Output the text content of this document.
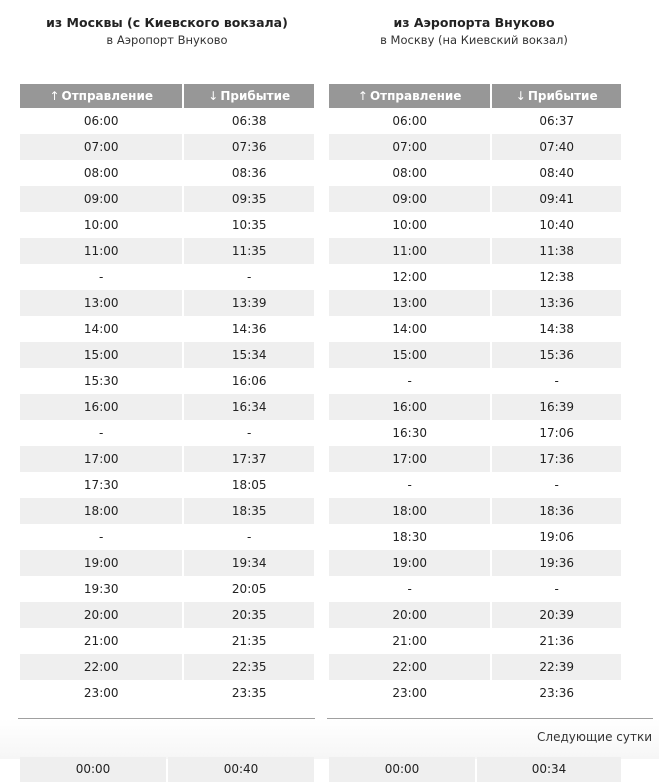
из Москвы (с Киевского вокзала)
в Аэропорт Внуково
↑ Отправление	↓ Прибытие
06:00	06:38
07:00	07:36
08:00	08:36
09:00	09:35
10:00	10:35
11:00	11:35
-	-
13:00	13:39
14:00	14:36
15:00	15:34
15:30	16:06
16:00	16:34
-	-
17:00	17:37
17:30	18:05
18:00	18:35
-	-
19:00	19:34
19:30	20:05
20:00	20:35
21:00	21:35
22:00	22:35
23:00	23:35
из Аэропорта Внуково
в Москву (на Киевский вокзал)
↑ Отправление	↓ Прибытие
06:00	06:37
07:00	07:40
08:00	08:40
09:00	09:41
10:00	10:40
11:00	11:38
12:00	12:38
13:00	13:36
14:00	14:38
15:00	15:36
-	-
16:00	16:39
16:30	17:06
17:00	17:36
-	-
18:00	18:36
18:30	19:06
19:00	19:36
-	-
20:00	20:39
21:00	21:36
22:00	22:39
23:00	23:36
Следующие сутки
00:00	00:40	00:00	00:34
